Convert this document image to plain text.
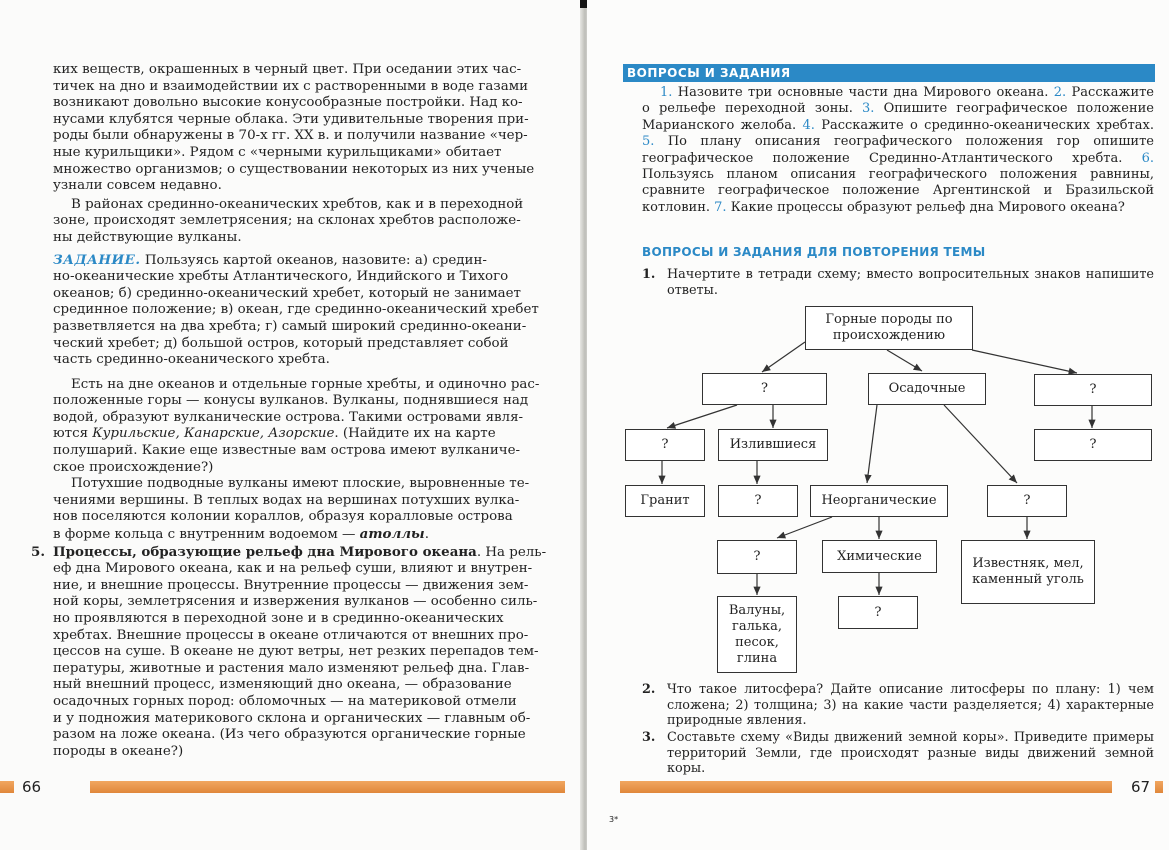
ких веществ, окрашенных в черный цвет. При оседании этих час-
тичек на дно и взаимодействии их с растворенными в воде газами
возникают довольно высокие конусообразные постройки. Над ко-
нусами клубятся черные облака. Эти удивительные творения при-
роды были обнаружены в 70-х гг. XX в. и получили название «чер-
ные курильщики». Рядом с «черными курильщиками» обитает
множество организмов; о существовании некоторых из них ученые
узнали совсем недавно.
В районах срединно-океанических хребтов, как и в переходной
зоне, происходят землетрясения; на склонах хребтов расположе-
ны действующие вулканы.
ЗАДАНИЕ. Пользуясь картой океанов, назовите: а) средин-
но-океанические хребты Атлантического, Индийского и Тихого
океанов; б) срединно-океанический хребет, который не занимает
срединное положение; в) океан, где срединно-океанический хребет
разветвляется на два хребта; г) самый широкий срединно-океани-
ческий хребет; д) большой остров, который представляет собой
часть срединно-океанического хребта.
Есть на дне океанов и отдельные горные хребты, и одиночно рас-
положенные горы — конусы вулканов. Вулканы, поднявшиеся над
водой, образуют вулканические острова. Такими островами явля-
ются Курильские, Канарские, Азорские. (Найдите их на карте
полушарий. Какие еще известные вам острова имеют вулканиче-
ское происхождение?)
Потухшие подводные вулканы имеют плоские, выровненные те-
чениями вершины. В теплых водах на вершинах потухших вулка-
нов поселяются колонии кораллов, образуя коралловые острова
в форме кольца с внутренним водоемом — атоллы.
5. Процессы, образующие рельеф дна Мирового океана. На рель-
еф дна Мирового океана, как и на рельеф суши, влияют и внутрен-
ние, и внешние процессы. Внутренние процессы — движения зем-
ной коры, землетрясения и извержения вулканов — особенно силь-
но проявляются в переходной зоне и в срединно-океанических
хребтах. Внешние процессы в океане отличаются от внешних про-
цессов на суше. В океане не дуют ветры, нет резких перепадов тем-
пературы, животные и растения мало изменяют рельеф дна. Глав-
ный внешний процесс, изменяющий дно океана, — образование
осадочных горных пород: обломочных — на материковой отмели
и у подножия материкового склона и органических — главным об-
разом на ложе океана. (Из чего образуются органические горные
породы в океане?)
66
ВОПРОСЫ И ЗАДАНИЯ
1. Назовите три основные части дна Мирового океана. 2. Расскажите о рельефе переходной зоны. 3. Опишите географическое положение Марианского желоба. 4. Расскажите о срединно-океанических хребтах. 5. По плану описания географического положения гор опишите географическое положение Срединно-Атлантического хребта. 6. Пользуясь планом описания географического положения равнины, сравните географическое положение Аргентинской и Бразильской котловин. 7. Какие процессы образуют рельеф дна Мирового океана?
ВОПРОСЫ И ЗАДАНИЯ ДЛЯ ПОВТОРЕНИЯ ТЕМЫ
1. Начертите в тетради схему; вместо вопросительных знаков напишите ответы.
Горные породы по происхождению
?	Осадочные	?
?	Излившиеся	?
Гранит	?	Неорганические	?
?	Химические	Известняк, мел, каменный уголь
Валуны, галька, песок, глина
?
2. Что такое литосфера? Дайте описание литосферы по плану: 1) чем сложена; 2) толщина; 3) на какие части разделяется; 4) характерные природные явления.
3. Составьте схему «Виды движений земной коры». Приведите примеры территорий Земли, где происходят разные виды движений земной коры.
67
3*
